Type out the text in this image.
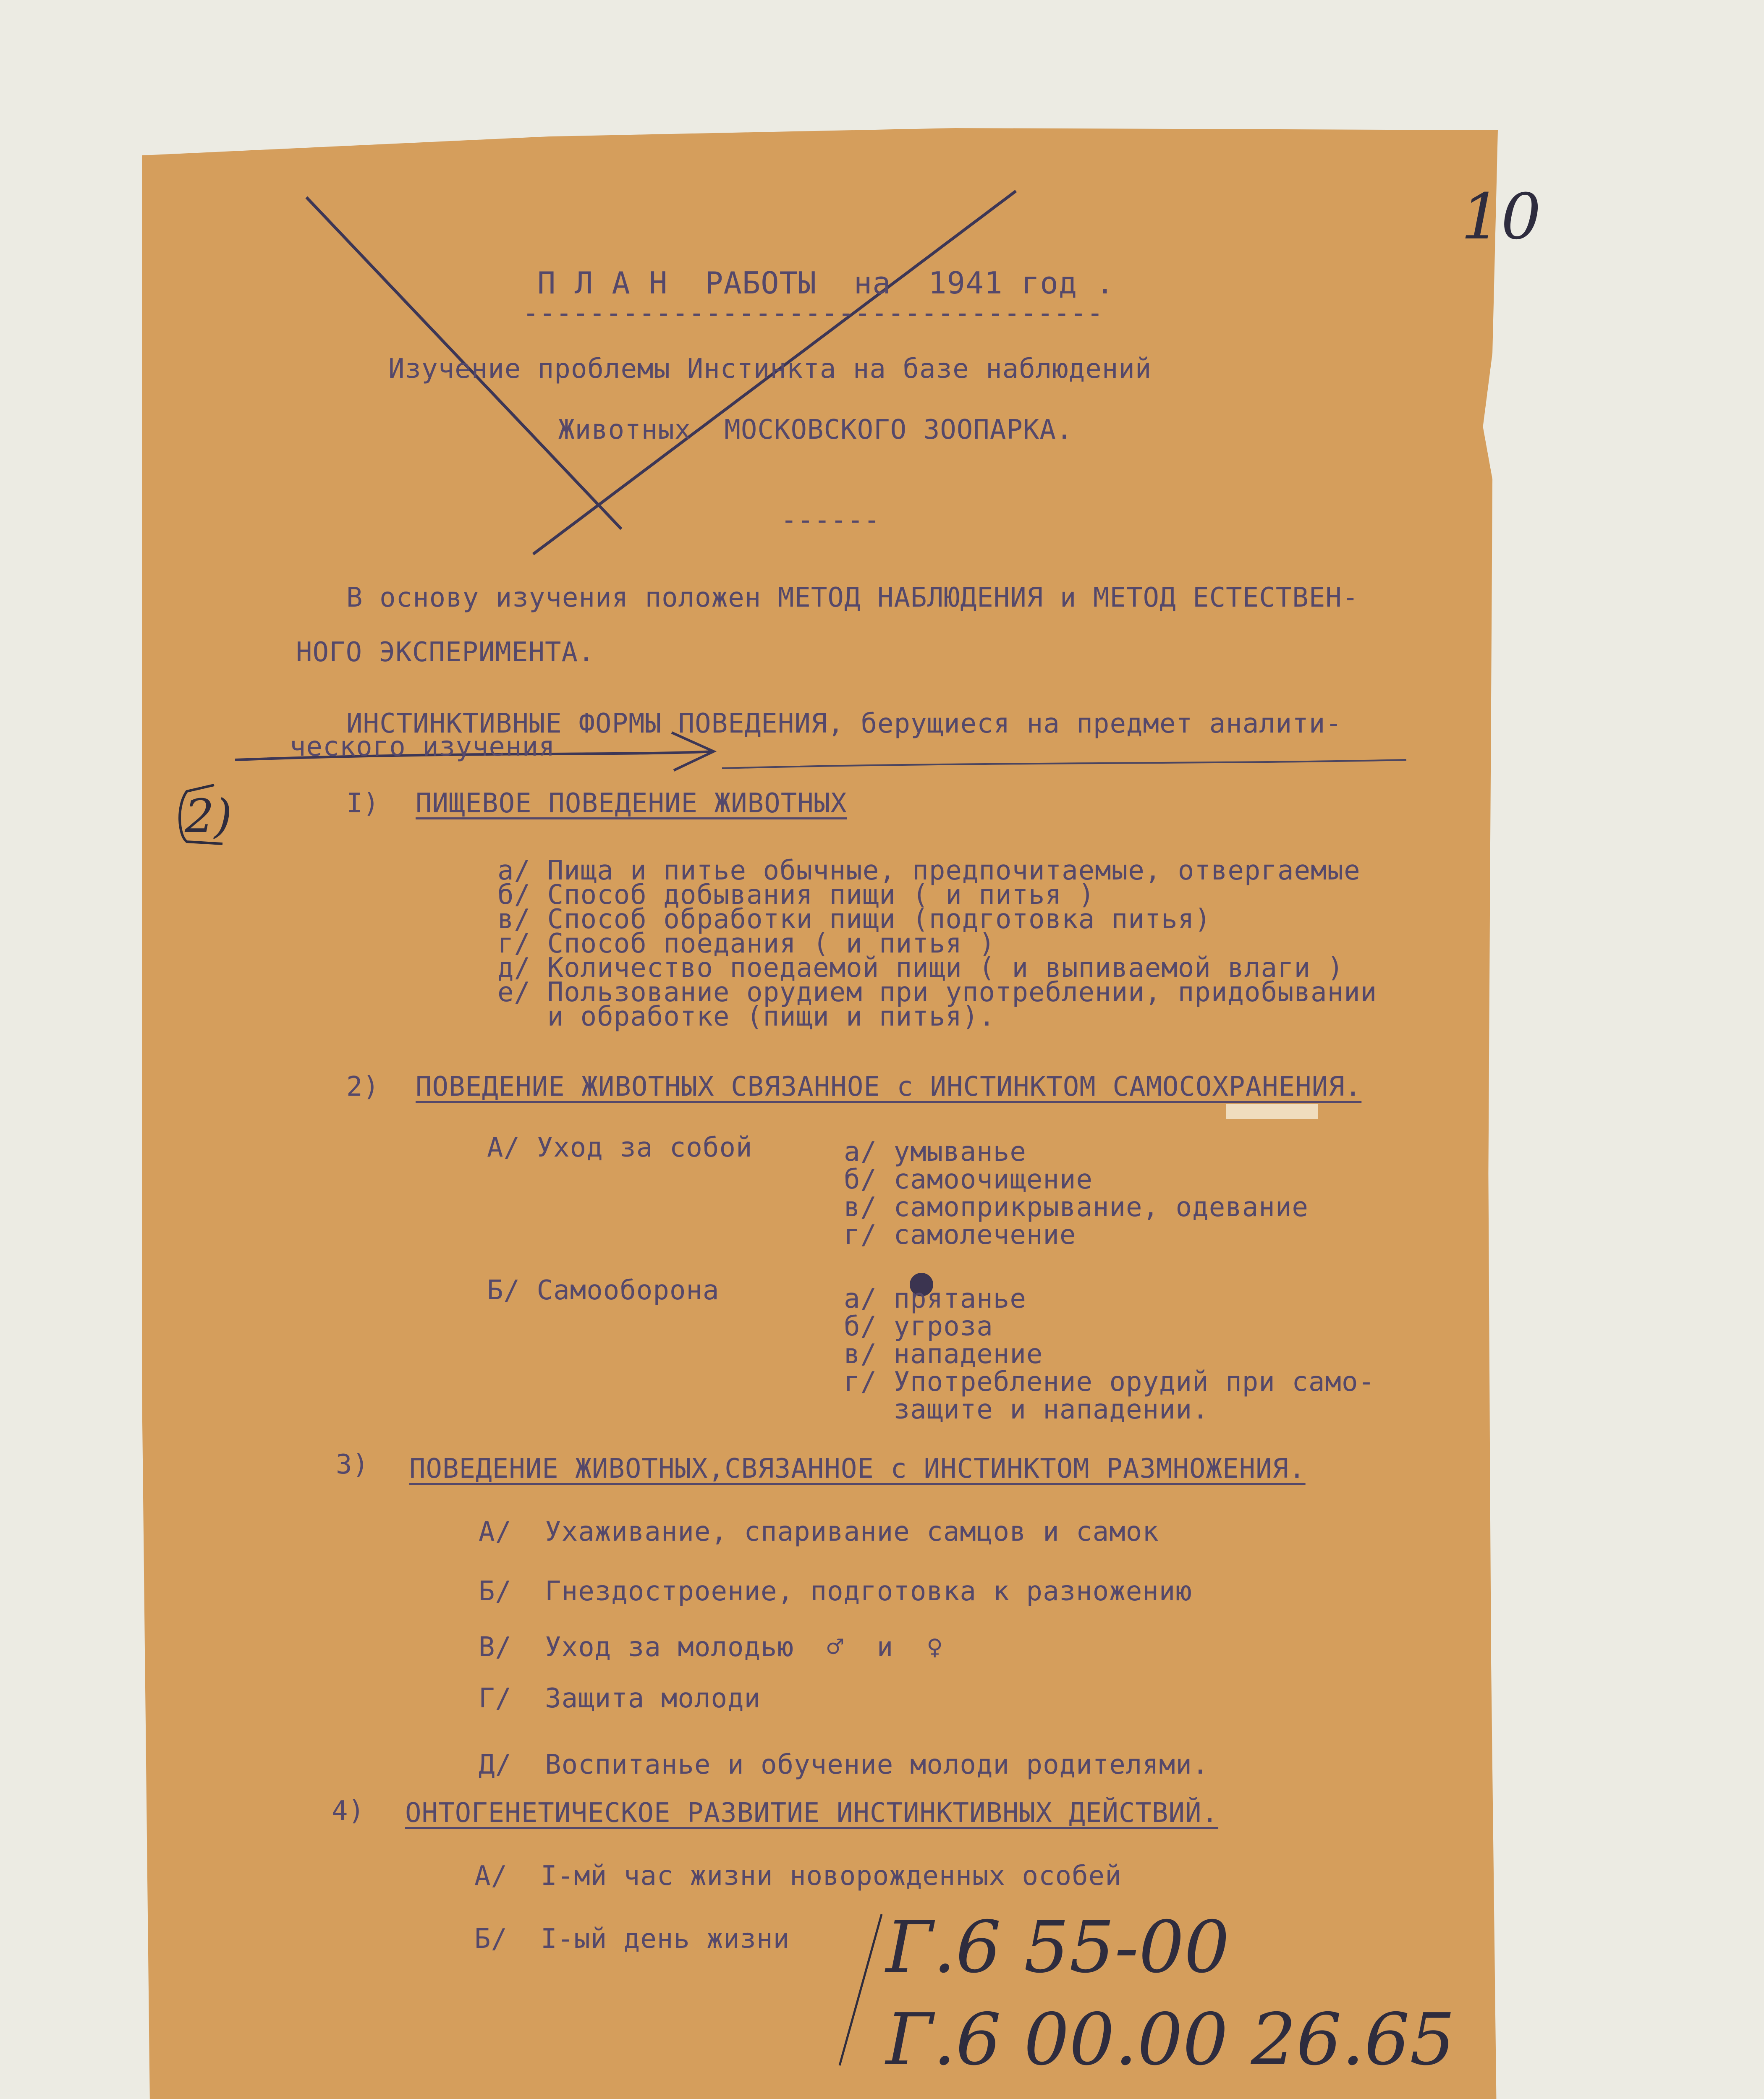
П Л А Н  РАБОТЫ  на  1941 год .
-----------------------------------
Изучение проблемы Инстинкта на базе наблюдений
Животных  МОСКОВСКОГО ЗООПАРКА.
------
В основу изучения положен МЕТОД НАБЛЮДЕНИЯ и МЕТОД ЕСТЕСТВЕН-
НОГО ЭКСПЕРИМЕНТА.
ИНСТИНКТИВНЫЕ ФОРМЫ ПОВЕДЕНИЯ, берущиеся на предмет аналити-
ческого изучения
I) ПИЩЕВОЕ ПОВЕДЕНИЕ ЖИВОТНЫХ
а/ Пища и питье обычные, предпочитаемые, отвергаемые
б/ Способ добывания пищи ( и питья )
в/ Способ обработки пищи (подготовка питья)
г/ Способ поедания ( и питья )
д/ Количество поедаемой пищи ( и выпиваемой влаги )
е/ Пользование орудием при употреблении, придобывании
и обработке (пищи и питья).
2) ПОВЕДЕНИЕ ЖИВОТНЫХ СВЯЗАННОЕ с ИНСТИНКТОМ САМОСОХРАНЕНИЯ.
А/ Уход за собой	а/ умыванье
б/ самоочищение
в/ самоприкрывание, одевание
г/ самолечение
Б/ Самооборона	а/ прятанье
б/ угроза
в/ нападение
г/ Употребление орудий при само-
защите и нападении.
3) ПОВЕДЕНИЕ ЖИВОТНЫХ,СВЯЗАННОЕ с ИНСТИНКТОМ РАЗМНОЖЕНИЯ.
А/  Ухаживание, спаривание самцов и самок
Б/  Гнездостроение, подготовка к разножению
В/  Уход за молодью  ♂  и  ♀
Г/  Защита молоди
Д/  Воспитанье и обучение молоди родителями.
4) ОНТОГЕНЕТИЧЕСКОЕ РАЗВИТИЕ ИНСТИНКТИВНЫХ ДЕЙСТВИЙ.
А/  I-мй час жизни новорожденных особей
Б/  I-ый день жизни
10
2)
Г.6 55-00
Г.6 00.00 26.65
